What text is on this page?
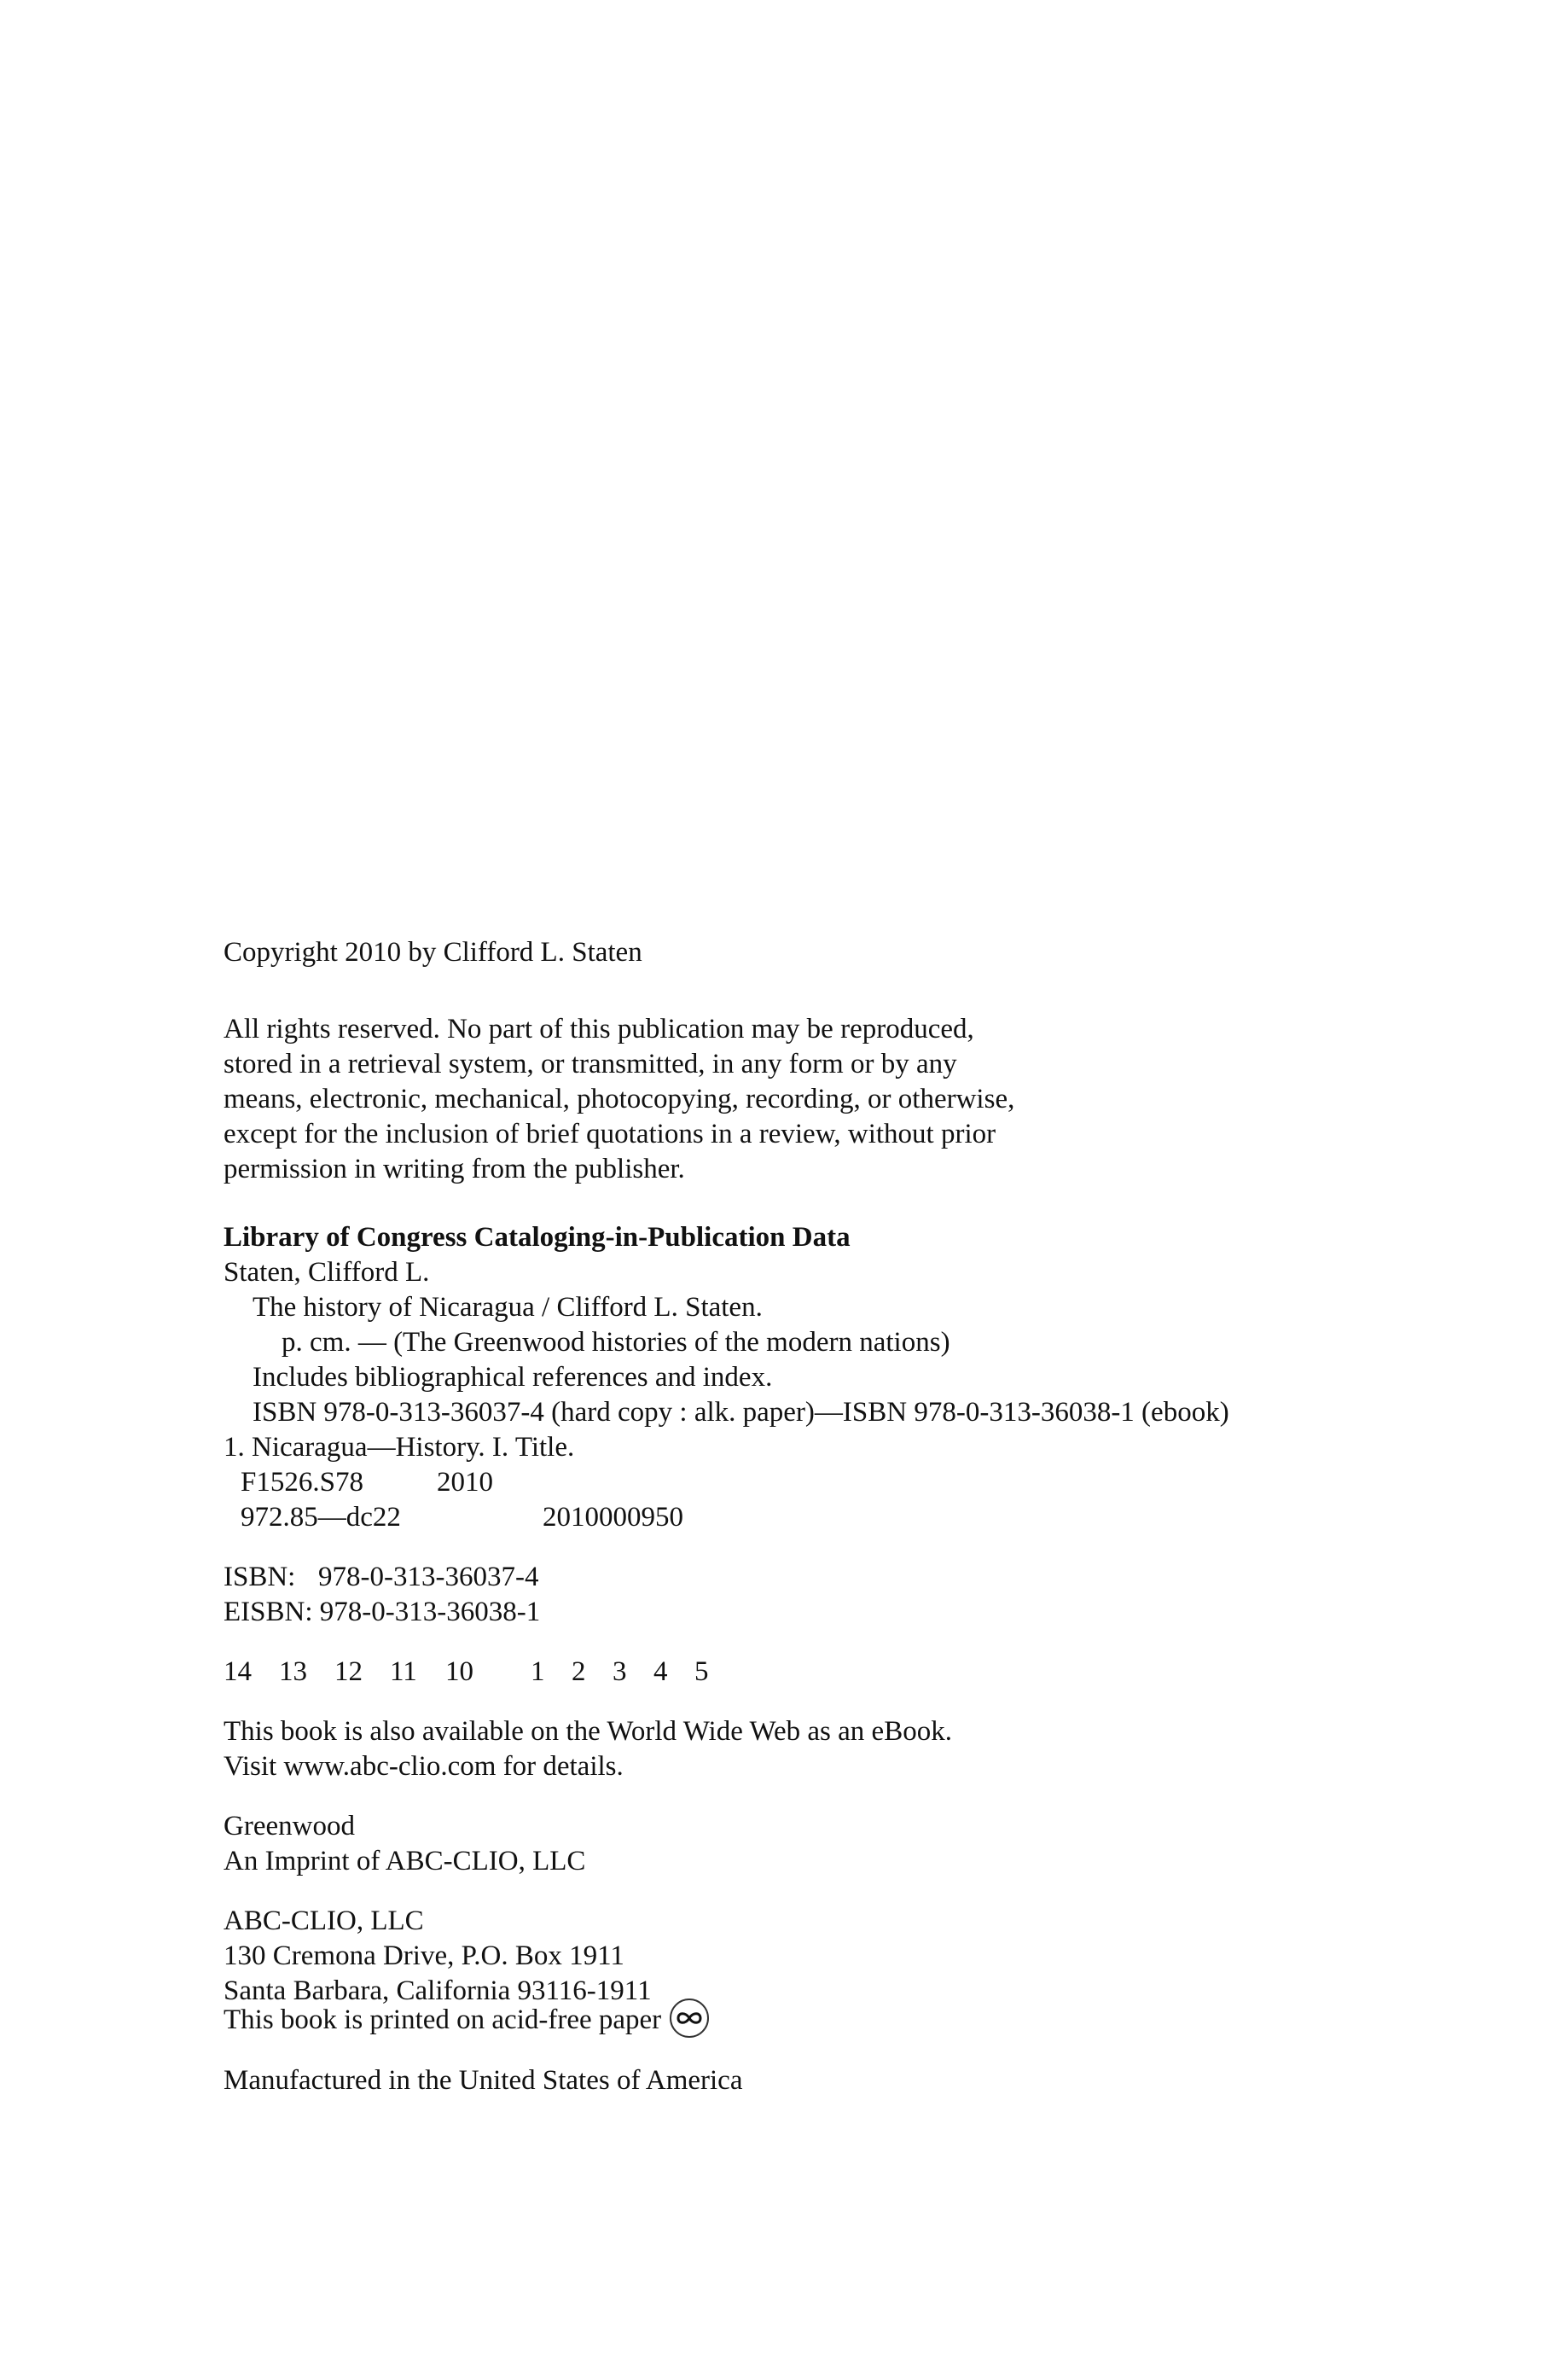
Copyright 2010 by Clifford L. Staten
All rights reserved. No part of this publication may be reproduced,
stored in a retrieval system, or transmitted, in any form or by any
means, electronic, mechanical, photocopying, recording, or otherwise,
except for the inclusion of brief quotations in a review, without prior
permission in writing from the publisher.
Library of Congress Cataloging-in-Publication Data
Staten, Clifford L.
The history of Nicaragua / Clifford L. Staten.
p. cm. — (The Greenwood histories of the modern nations)
Includes bibliographical references and index.
ISBN 978-0-313-36037-4 (hard copy : alk. paper)—ISBN 978-0-313-36038-1 (ebook)
1. Nicaragua—History. I. Title.
F1526.S78	2010
972.85—dc22	2010000950
ISBN: 978-0-313-36037-4
EISBN: 978-0-313-36038-1
14 13 12 11 10 1 2 3 4 5
This book is also available on the World Wide Web as an eBook.
Visit www.abc-clio.com for details.
Greenwood
An Imprint of ABC-CLIO, LLC
ABC-CLIO, LLC
130 Cremona Drive, P.O. Box 1911
Santa Barbara, California 93116-1911
This book is printed on acid-free paper
Manufactured in the United States of America
